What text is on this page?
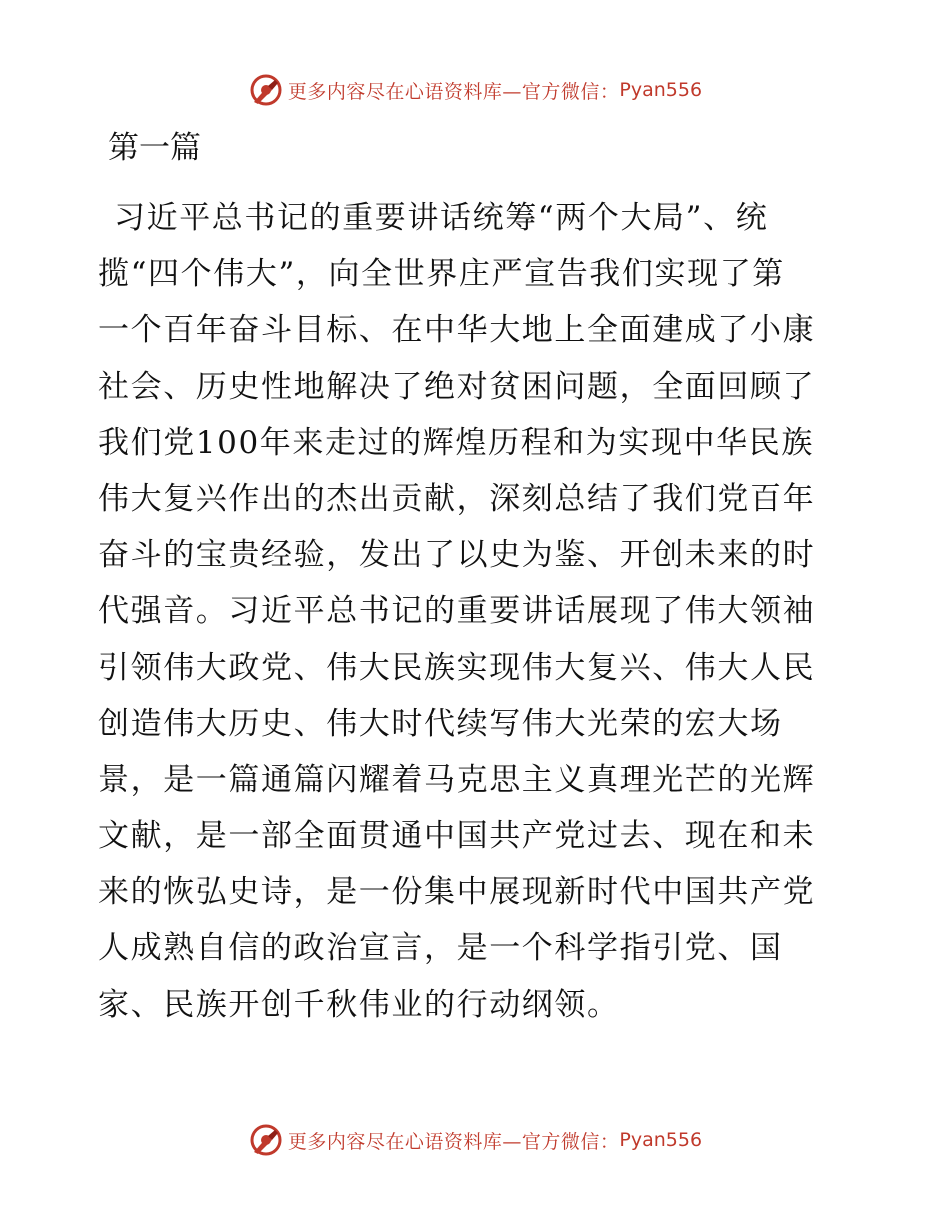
更多内容尽在心语资料库—官方微信： Pyan556
第一篇
习近平总书记的重要讲话统筹“两个大局”、统
揽“四个伟大”，向全世界庄严宣告我们实现了第
一个百年奋斗目标、在中华大地上全面建成了小康
社会、历史性地解决了绝对贫困问题，全面回顾了
我们党100年来走过的辉煌历程和为实现中华民族
伟大复兴作出的杰出贡献，深刻总结了我们党百年
奋斗的宝贵经验，发出了以史为鉴、开创未来的时
代强音。习近平总书记的重要讲话展现了伟大领袖
引领伟大政党、伟大民族实现伟大复兴、伟大人民
创造伟大历史、伟大时代续写伟大光荣的宏大场
景，是一篇通篇闪耀着马克思主义真理光芒的光辉
文献，是一部全面贯通中国共产党过去、现在和未
来的恢弘史诗，是一份集中展现新时代中国共产党
人成熟自信的政治宣言，是一个科学指引党、国
家、民族开创千秋伟业的行动纲领。
更多内容尽在心语资料库—官方微信： Pyan556
